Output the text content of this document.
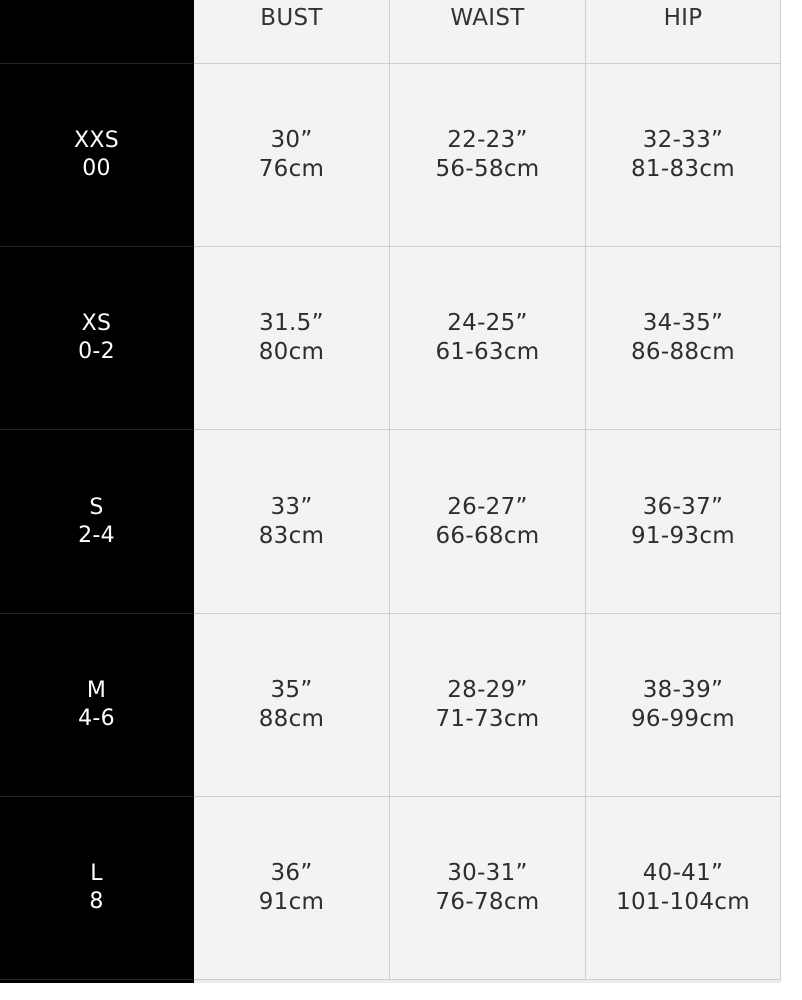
BUST	WAIST	HIP
XXS
00
30”
76cm
22-23”
56-58cm
32-33”
81-83cm
XS
0-2
31.5”
80cm
24-25”
61-63cm
34-35”
86-88cm
S
2-4
33”
83cm
26-27”
66-68cm
36-37”
91-93cm
M
4-6
35”
88cm
28-29”
71-73cm
38-39”
96-99cm
L
8
36”
91cm
30-31”
76-78cm
40-41”
101-104cm
